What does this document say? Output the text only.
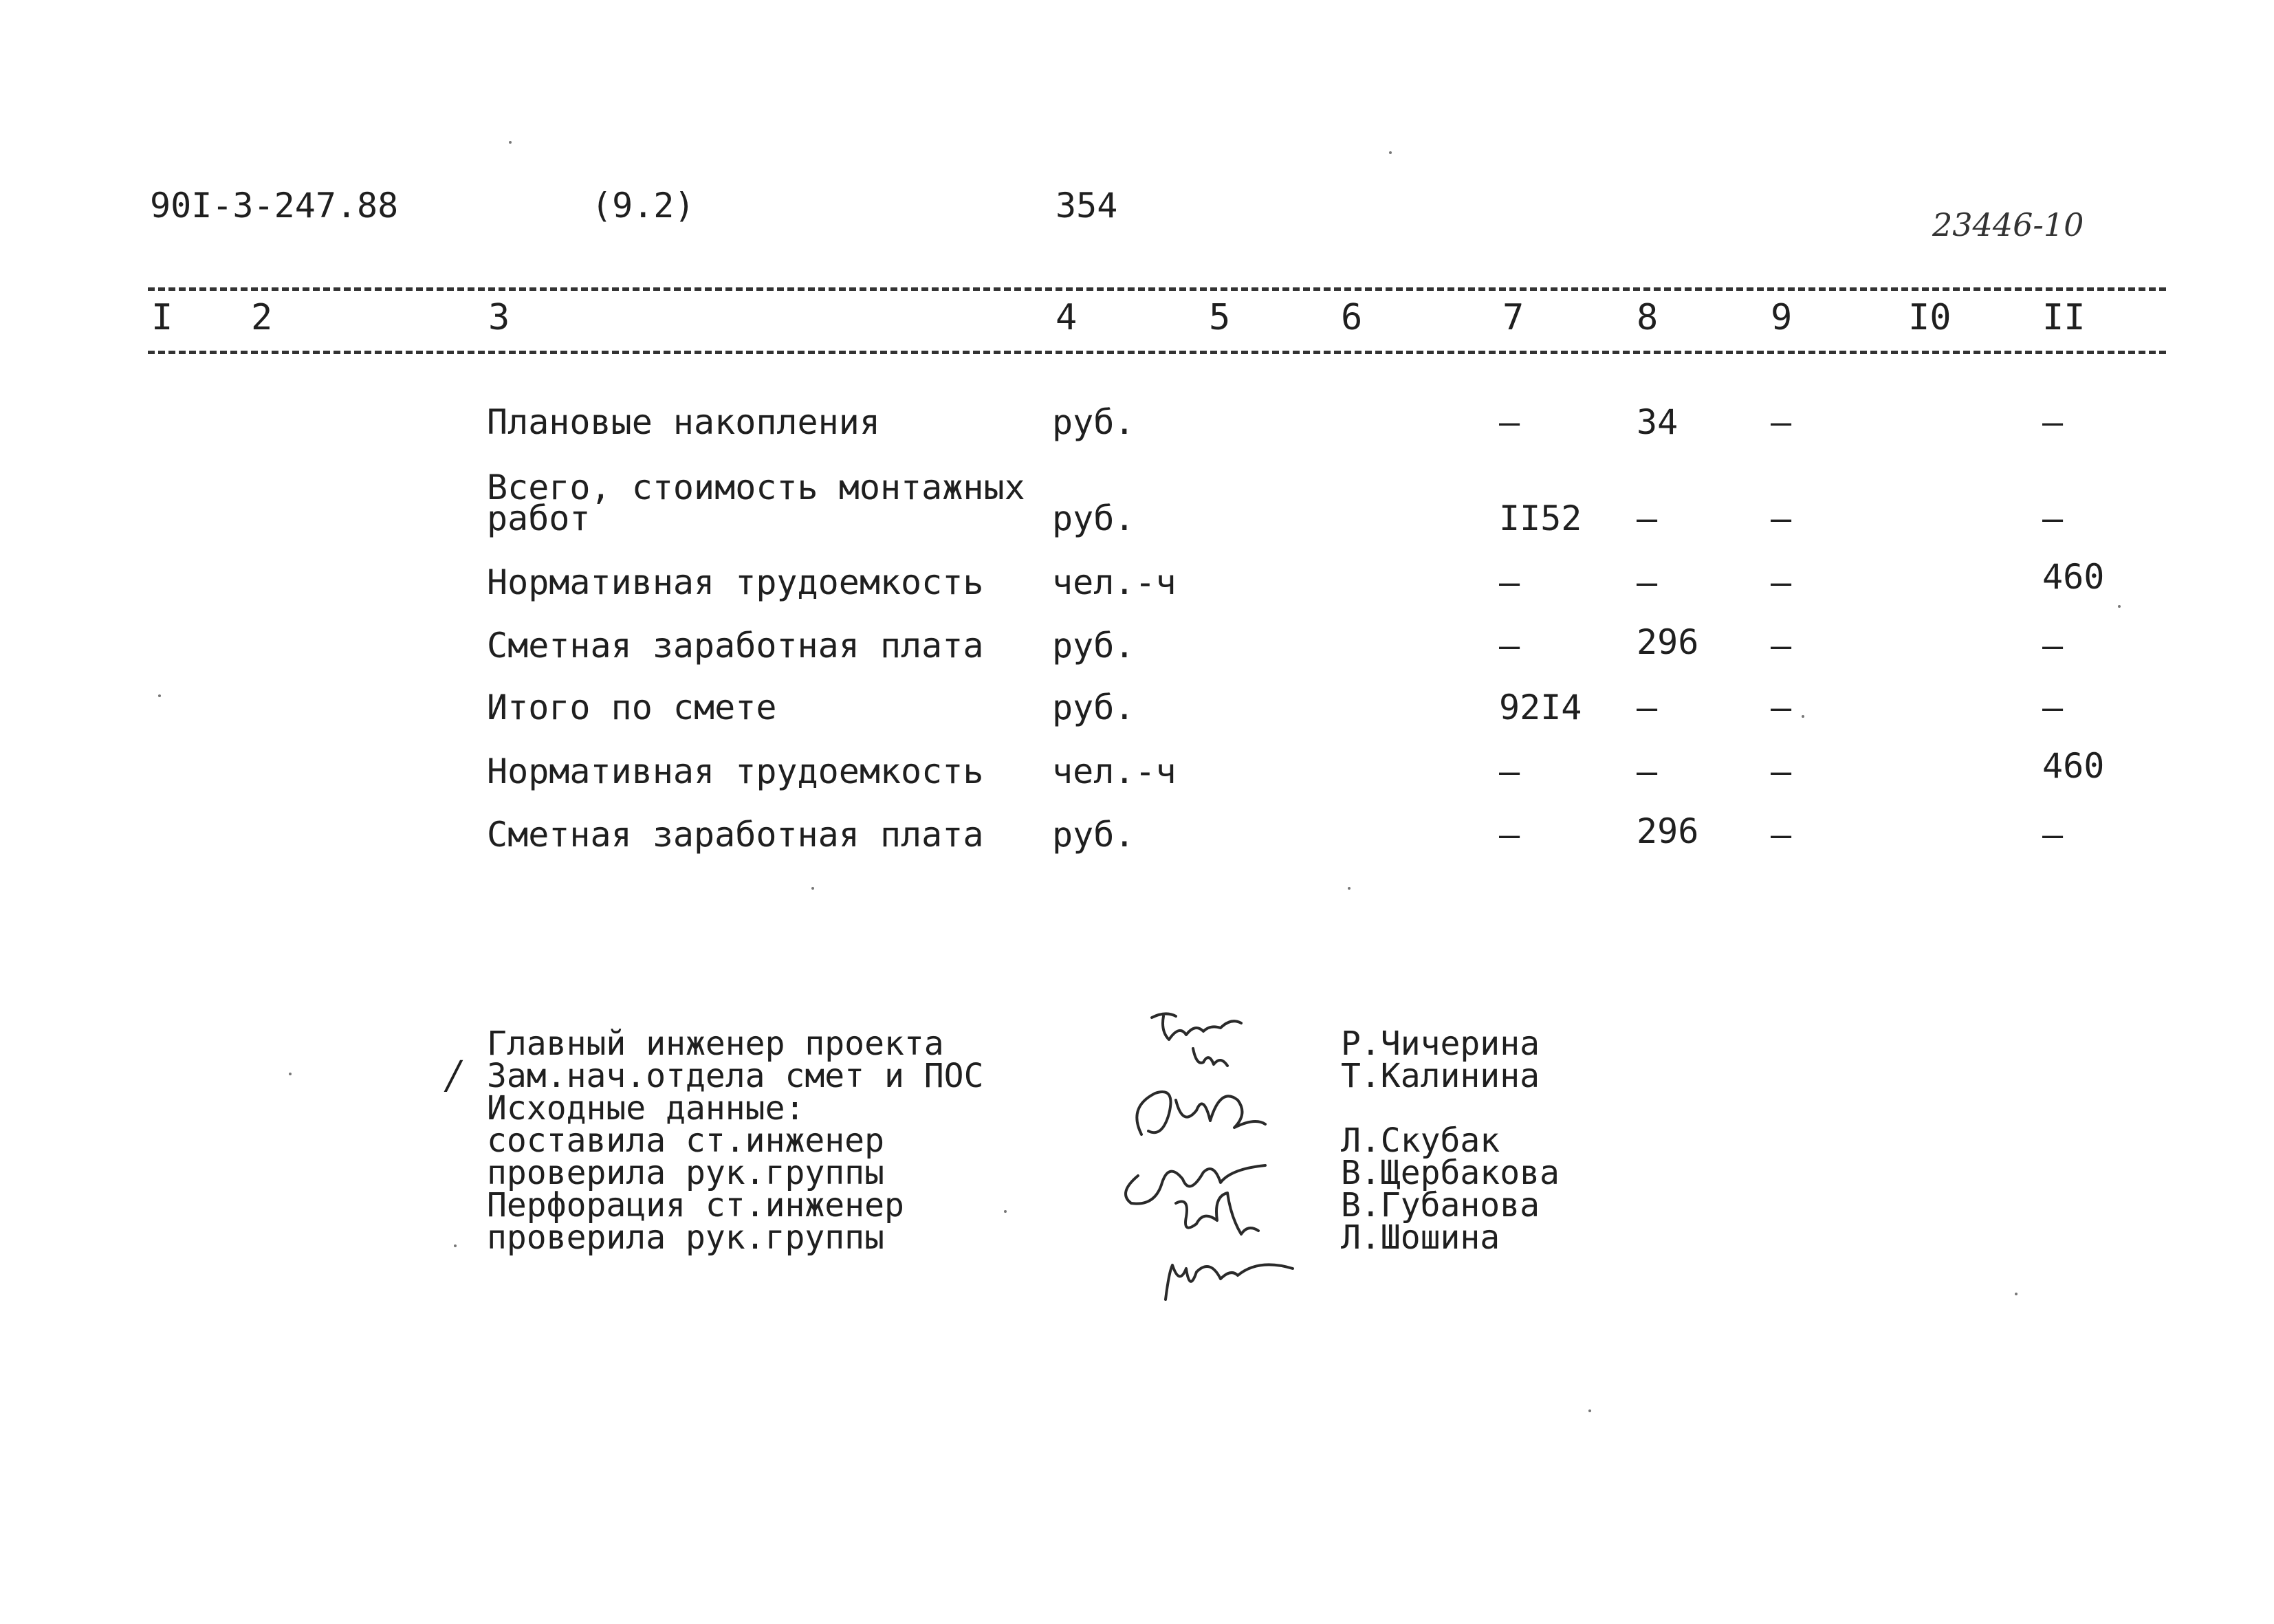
90I-3-247.88	(9.2)	354	23446-10
I 2	3	4	5	6	7	8	9	I0	II
Плановые накопления	руб.	–	34	–	–
Всего, стоимость монтажных
работ	руб.	II52 –	–	–
Нормативная трудоемкость чел.-ч	–	–	–	460
Сметная заработная плата руб.	–	296 –	–
Итого по смете	руб.	92I4 –	–	–
Нормативная трудоемкость чел.-ч	–	–	–	460
Сметная заработная плата руб.	–	296 –	–
/
Главный инженер проекта
Зам.нач.отдела смет и ПОС
Исходные данные:
составила ст.инженер
проверила рук.группы
Перфорация ст.инженер
проверила рук.группы
Р.Чичерина
Т.Калинина
Л.Скубак
В.Щербакова
В.Губанова
Л.Шошина
